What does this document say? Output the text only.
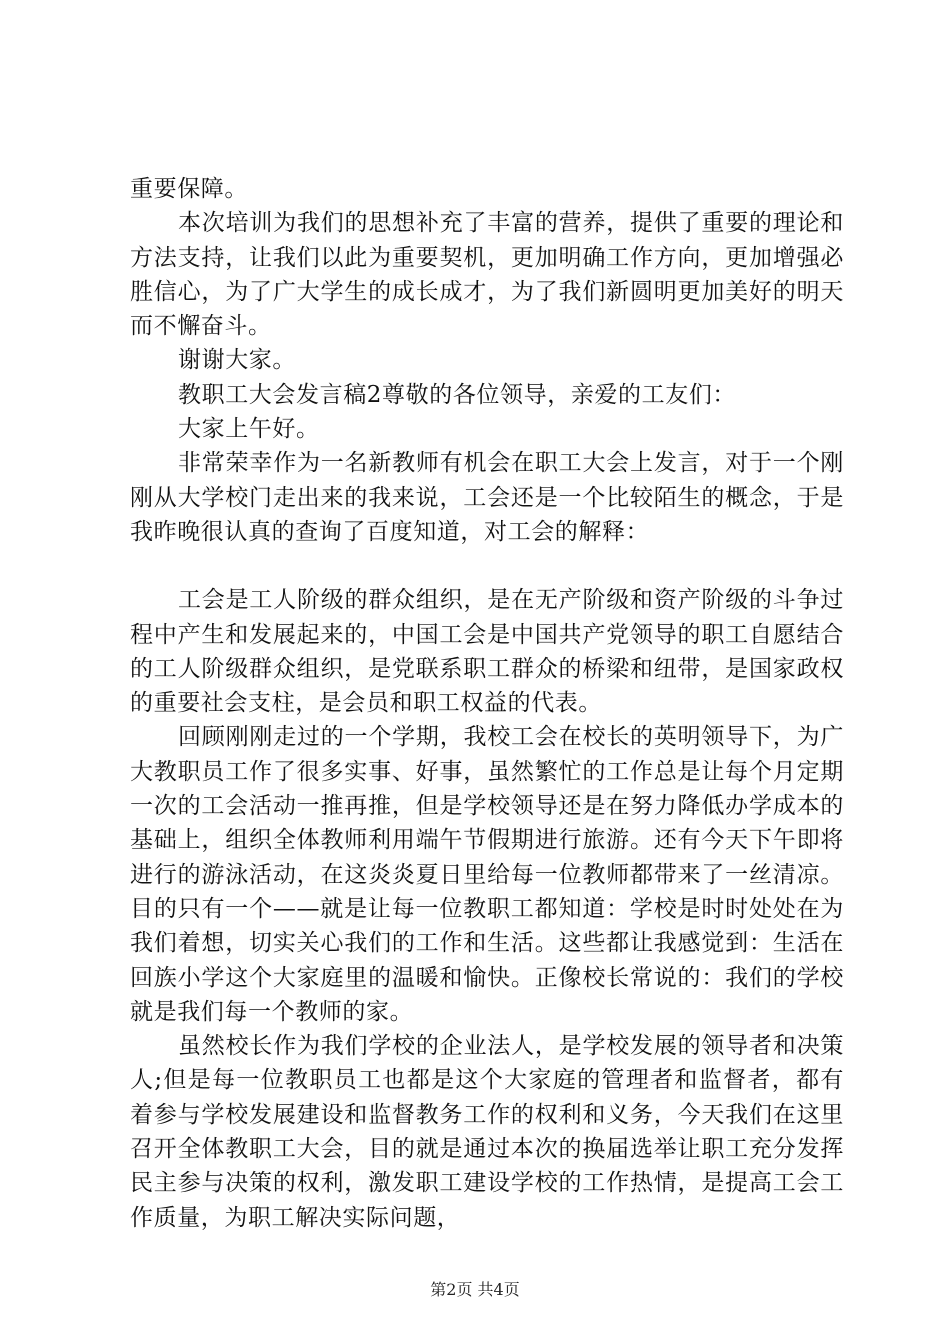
重要保障。

本次培训为我们的思想补充了丰富的营养，提供了重要的理论和方法支持，让我们以此为重要契机，更加明确工作方向，更加增强必胜信心，为了广大学生的成长成才，为了我们新圆明更加美好的明天而不懈奋斗。

谢谢大家。

教职工大会发言稿2尊敬的各位领导，亲爱的工友们：

大家上午好。

非常荣幸作为一名新教师有机会在职工大会上发言，对于一个刚刚从大学校门走出来的我来说，工会还是一个比较陌生的概念，于是我昨晚很认真的查询了百度知道，对工会的解释：

工会是工人阶级的群众组织，是在无产阶级和资产阶级的斗争过程中产生和发展起来的，中国工会是中国共产党领导的职工自愿结合的工人阶级群众组织，是党联系职工群众的桥梁和纽带，是国家政权的重要社会支柱，是会员和职工权益的代表。

回顾刚刚走过的一个学期，我校工会在校长的英明领导下，为广大教职员工作了很多实事、好事，虽然繁忙的工作总是让每个月定期一次的工会活动一推再推，但是学校领导还是在努力降低办学成本的基础上，组织全体教师利用端午节假期进行旅游。还有今天下午即将进行的游泳活动，在这炎炎夏日里给每一位教师都带来了一丝清凉。目的只有一个——就是让每一位教职工都知道：学校是时时处处在为我们着想，切实关心我们的工作和生活。这些都让我感觉到：生活在回族小学这个大家庭里的温暖和愉快。正像校长常说的：我们的学校就是我们每一个教师的家。

虽然校长作为我们学校的企业法人，是学校发展的领导者和决策人;但是每一位教职员工也都是这个大家庭的管理者和监督者，都有着参与学校发展建设和监督教务工作的权利和义务，今天我们在这里召开全体教职工大会，目的就是通过本次的换届选举让职工充分发挥民主参与决策的权利，激发职工建设学校的工作热情，是提高工会工作质量，为职工解决实际问题，

第2页 共4页
